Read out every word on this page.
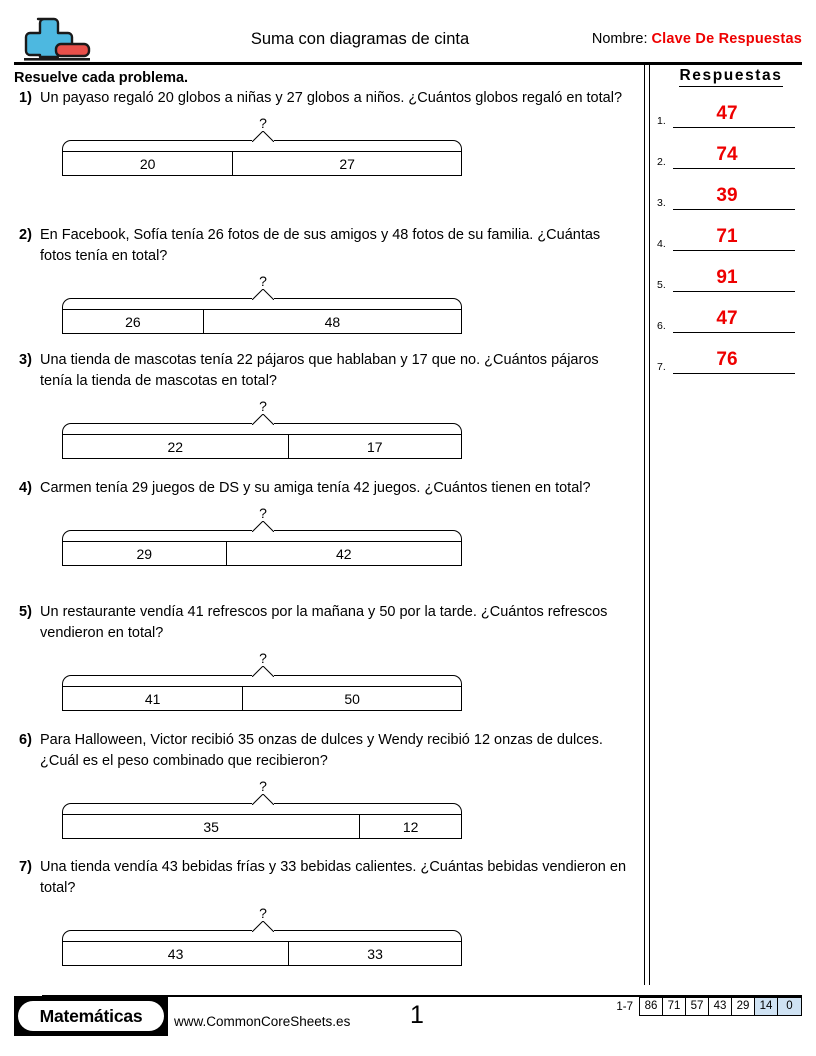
Suma con diagramas de cinta	Nombre: Clave De Respuestas
Resuelve cada problema.
1) Un payaso regaló 20 globos a niñas y 27 globos a niños. ¿Cuántos globos regaló en total?
?
20	27
2) En Facebook, Sofía tenía 26 fotos de de sus amigos y 48 fotos de su familia. ¿Cuántas fotos tenía en total?
?
26	48
3) Una tienda de mascotas tenía 22 pájaros que hablaban y 17 que no. ¿Cuántos pájaros tenía la tienda de mascotas en total?
?
22	17
4) Carmen tenía 29 juegos de DS y su amiga tenía 42 juegos. ¿Cuántos tienen en total?
?
29	42
5) Un restaurante vendía 41 refrescos por la mañana y 50 por la tarde. ¿Cuántos refrescos vendieron en total?
?
41	50
6) Para Halloween, Victor recibió 35 onzas de dulces y Wendy recibió 12 onzas de dulces. ¿Cuál es el peso combinado que recibieron?
?
35	12
7) Una tienda vendía 43 bebidas frías y 33 bebidas calientes. ¿Cuántas bebidas vendieron en total?
?
43	33
Respuestas
1.	47
2.	74
3.	39
4.	71
5.	91
6.	47
7.	76
Matemáticas	www.CommonCoreSheets.es 1	1-7	86 71 57 43 29 14	0
